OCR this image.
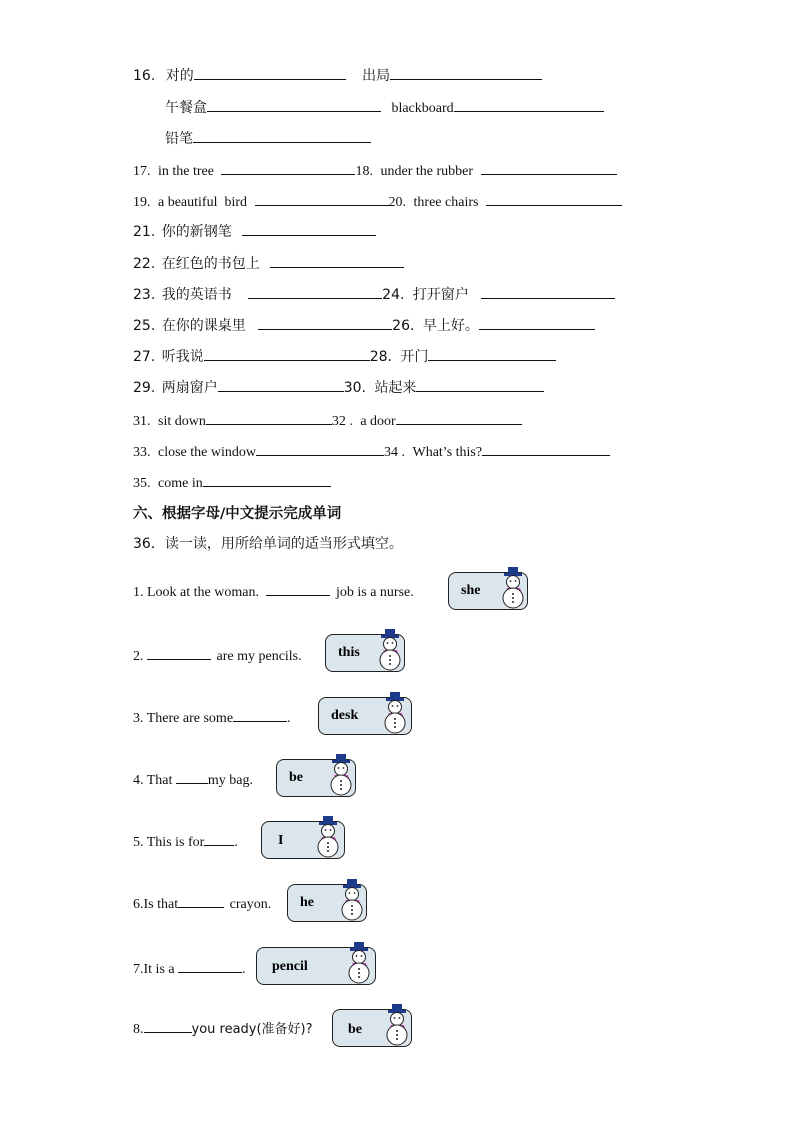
16. 对的	出局
午餐盒	blackboard
铅笔
17. in the tree	18. under the rubber
19. a beautiful  bird	20. three chairs
21. 你的新钢笔
22. 在红色的书包上
23. 我的英语书	24. 打开窗户
25. 在你的课桌里	26. 早上好。
27. 听我说	28. 开门
29. 两扇窗户	30. 站起来
31. sit down	32 . a door
33. close the window	34 . What’s this?
35. come in
六、根据字母/中文提示完成单词
36．读一读，用所给单词的适当形式填空。
1. Look at the woman.	job is a nurse.	she
2.	are my pencils.	this
3. There are some	.	desk
4. That	my bag.	be
5. This is for .	I
6.Is that	crayon. he
7.It is a	. pencil
8.	you ready(准备好)?	be
